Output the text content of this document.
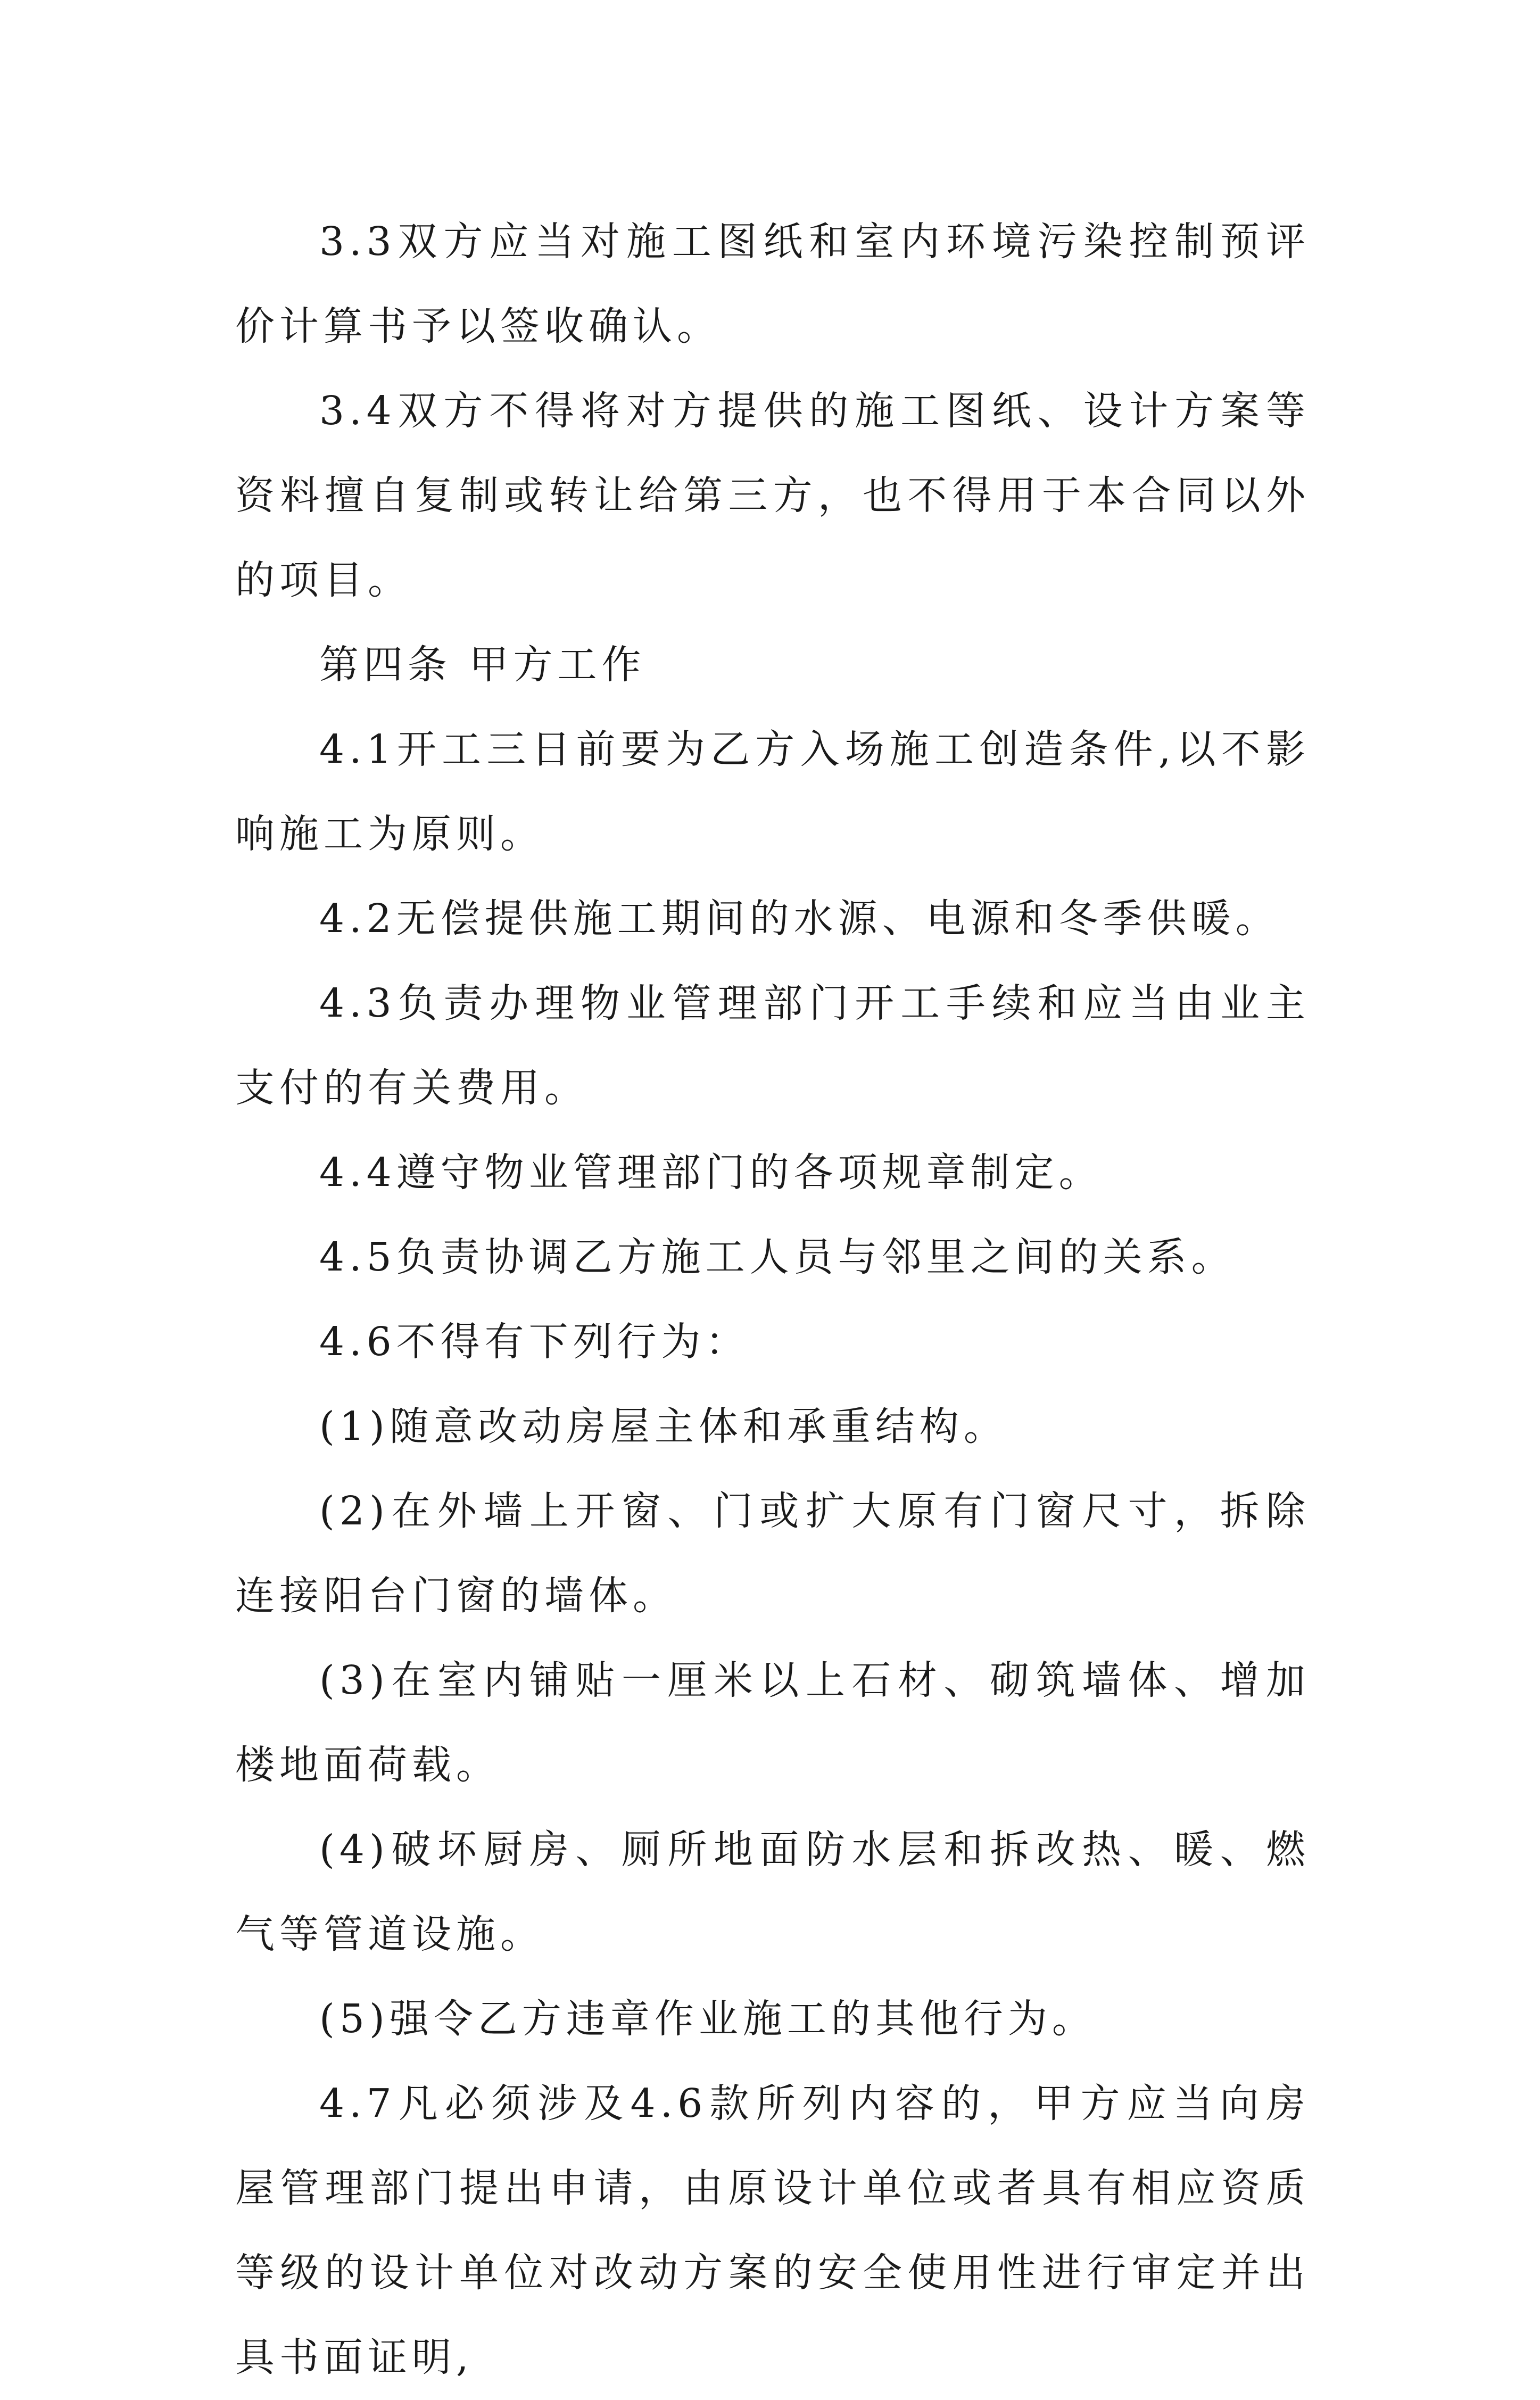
3.3双方应当对施工图纸和室内环境污染控制预评价计算书予以签收确认。

3.4双方不得将对方提供的施工图纸、设计方案等资料擅自复制或转让给第三方，也不得用于本合同以外的项目。

第四条 甲方工作

4.1开工三日前要为乙方入场施工创造条件,以不影响施工为原则。

4.2无偿提供施工期间的水源、电源和冬季供暖。

4.3负责办理物业管理部门开工手续和应当由业主支付的有关费用。

4.4遵守物业管理部门的各项规章制定。

4.5负责协调乙方施工人员与邻里之间的关系。

4.6不得有下列行为：

(1)随意改动房屋主体和承重结构。

(2)在外墙上开窗、门或扩大原有门窗尺寸，拆除连接阳台门窗的墙体。

(3)在室内铺贴一厘米以上石材、砌筑墙体、增加楼地面荷载。

(4)破坏厨房、厕所地面防水层和拆改热、暖、燃气等管道设施。

(5)强令乙方违章作业施工的其他行为。

4.7凡必须涉及4.6款所列内容的，甲方应当向房屋管理部门提出申请，由原设计单位或者具有相应资质等级的设计单位对改动方案的安全使用性进行审定并出具书面证明,
